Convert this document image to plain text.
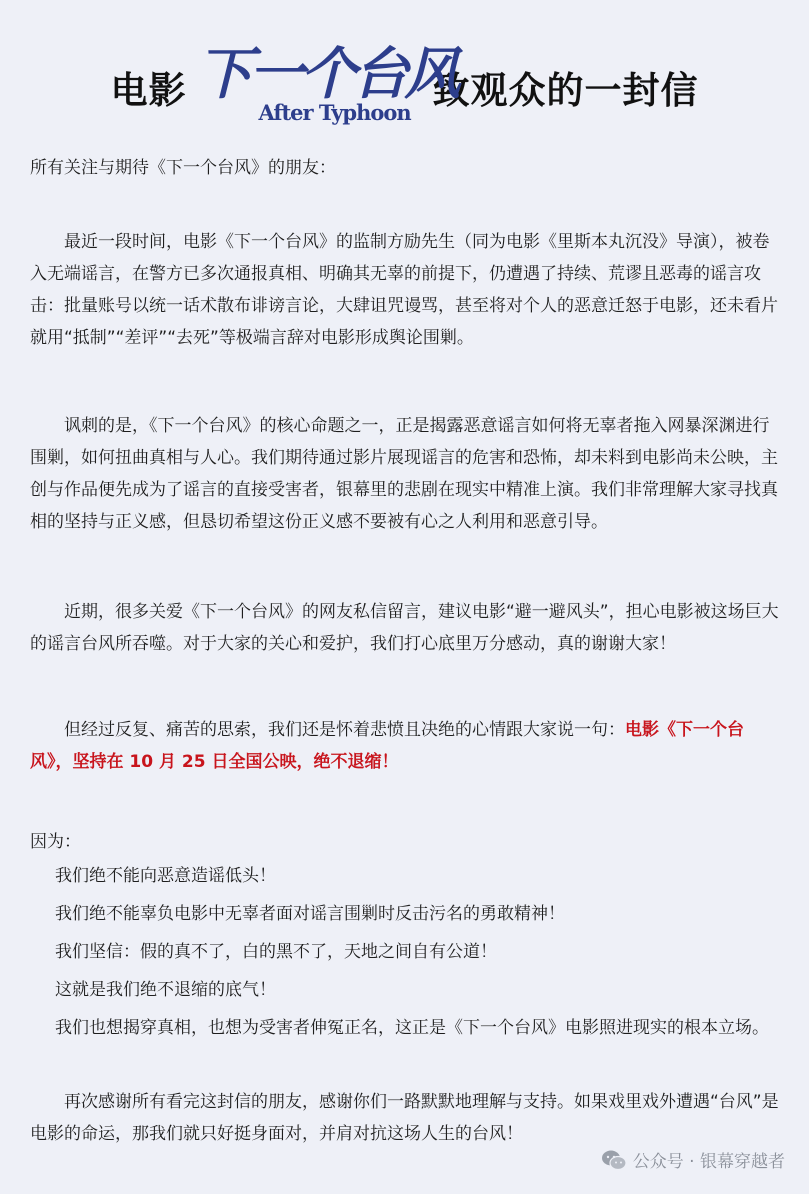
电影 下一个台风
After Typhoon
致观众的一封信
所有关注与期待《下一个台风》的朋友：
最近一段时间，电影《下一个台风》的监制方励先生（同为电影《里斯本丸沉没》导演），被卷入无端谣言，在警方已多次通报真相、明确其无辜的前提下，仍遭遇了持续、荒谬且恶毒的谣言攻击：批量账号以统一话术散布诽谤言论，大肆诅咒谩骂，甚至将对个人的恶意迁怒于电影，还未看片就用“抵制”“差评”“去死”等极端言辞对电影形成舆论围剿。
讽刺的是，《下一个台风》的核心命题之一，正是揭露恶意谣言如何将无辜者拖入网暴深渊进行围剿，如何扭曲真相与人心。我们期待通过影片展现谣言的危害和恐怖，却未料到电影尚未公映，主创与作品便先成为了谣言的直接受害者，银幕里的悲剧在现实中精准上演。我们非常理解大家寻找真相的坚持与正义感，但恳切希望这份正义感不要被有心之人利用和恶意引导。
近期，很多关爱《下一个台风》的网友私信留言，建议电影“避一避风头”，担心电影被这场巨大的谣言台风所吞噬。对于大家的关心和爱护，我们打心底里万分感动，真的谢谢大家！
但经过反复、痛苦的思索，我们还是怀着悲愤且决绝的心情跟大家说一句：电影《下一个台风》，坚持在 10 月 25 日全国公映，绝不退缩！
因为：
我们绝不能向恶意造谣低头！
我们绝不能辜负电影中无辜者面对谣言围剿时反击污名的勇敢精神！
我们坚信：假的真不了，白的黑不了，天地之间自有公道！
这就是我们绝不退缩的底气！
我们也想揭穿真相，也想为受害者伸冤正名，这正是《下一个台风》电影照进现实的根本立场。
再次感谢所有看完这封信的朋友，感谢你们一路默默地理解与支持。如果戏里戏外遭遇“台风”是电影的命运，那我们就只好挺身面对，并肩对抗这场人生的台风！
公众号 · 银幕穿越者
